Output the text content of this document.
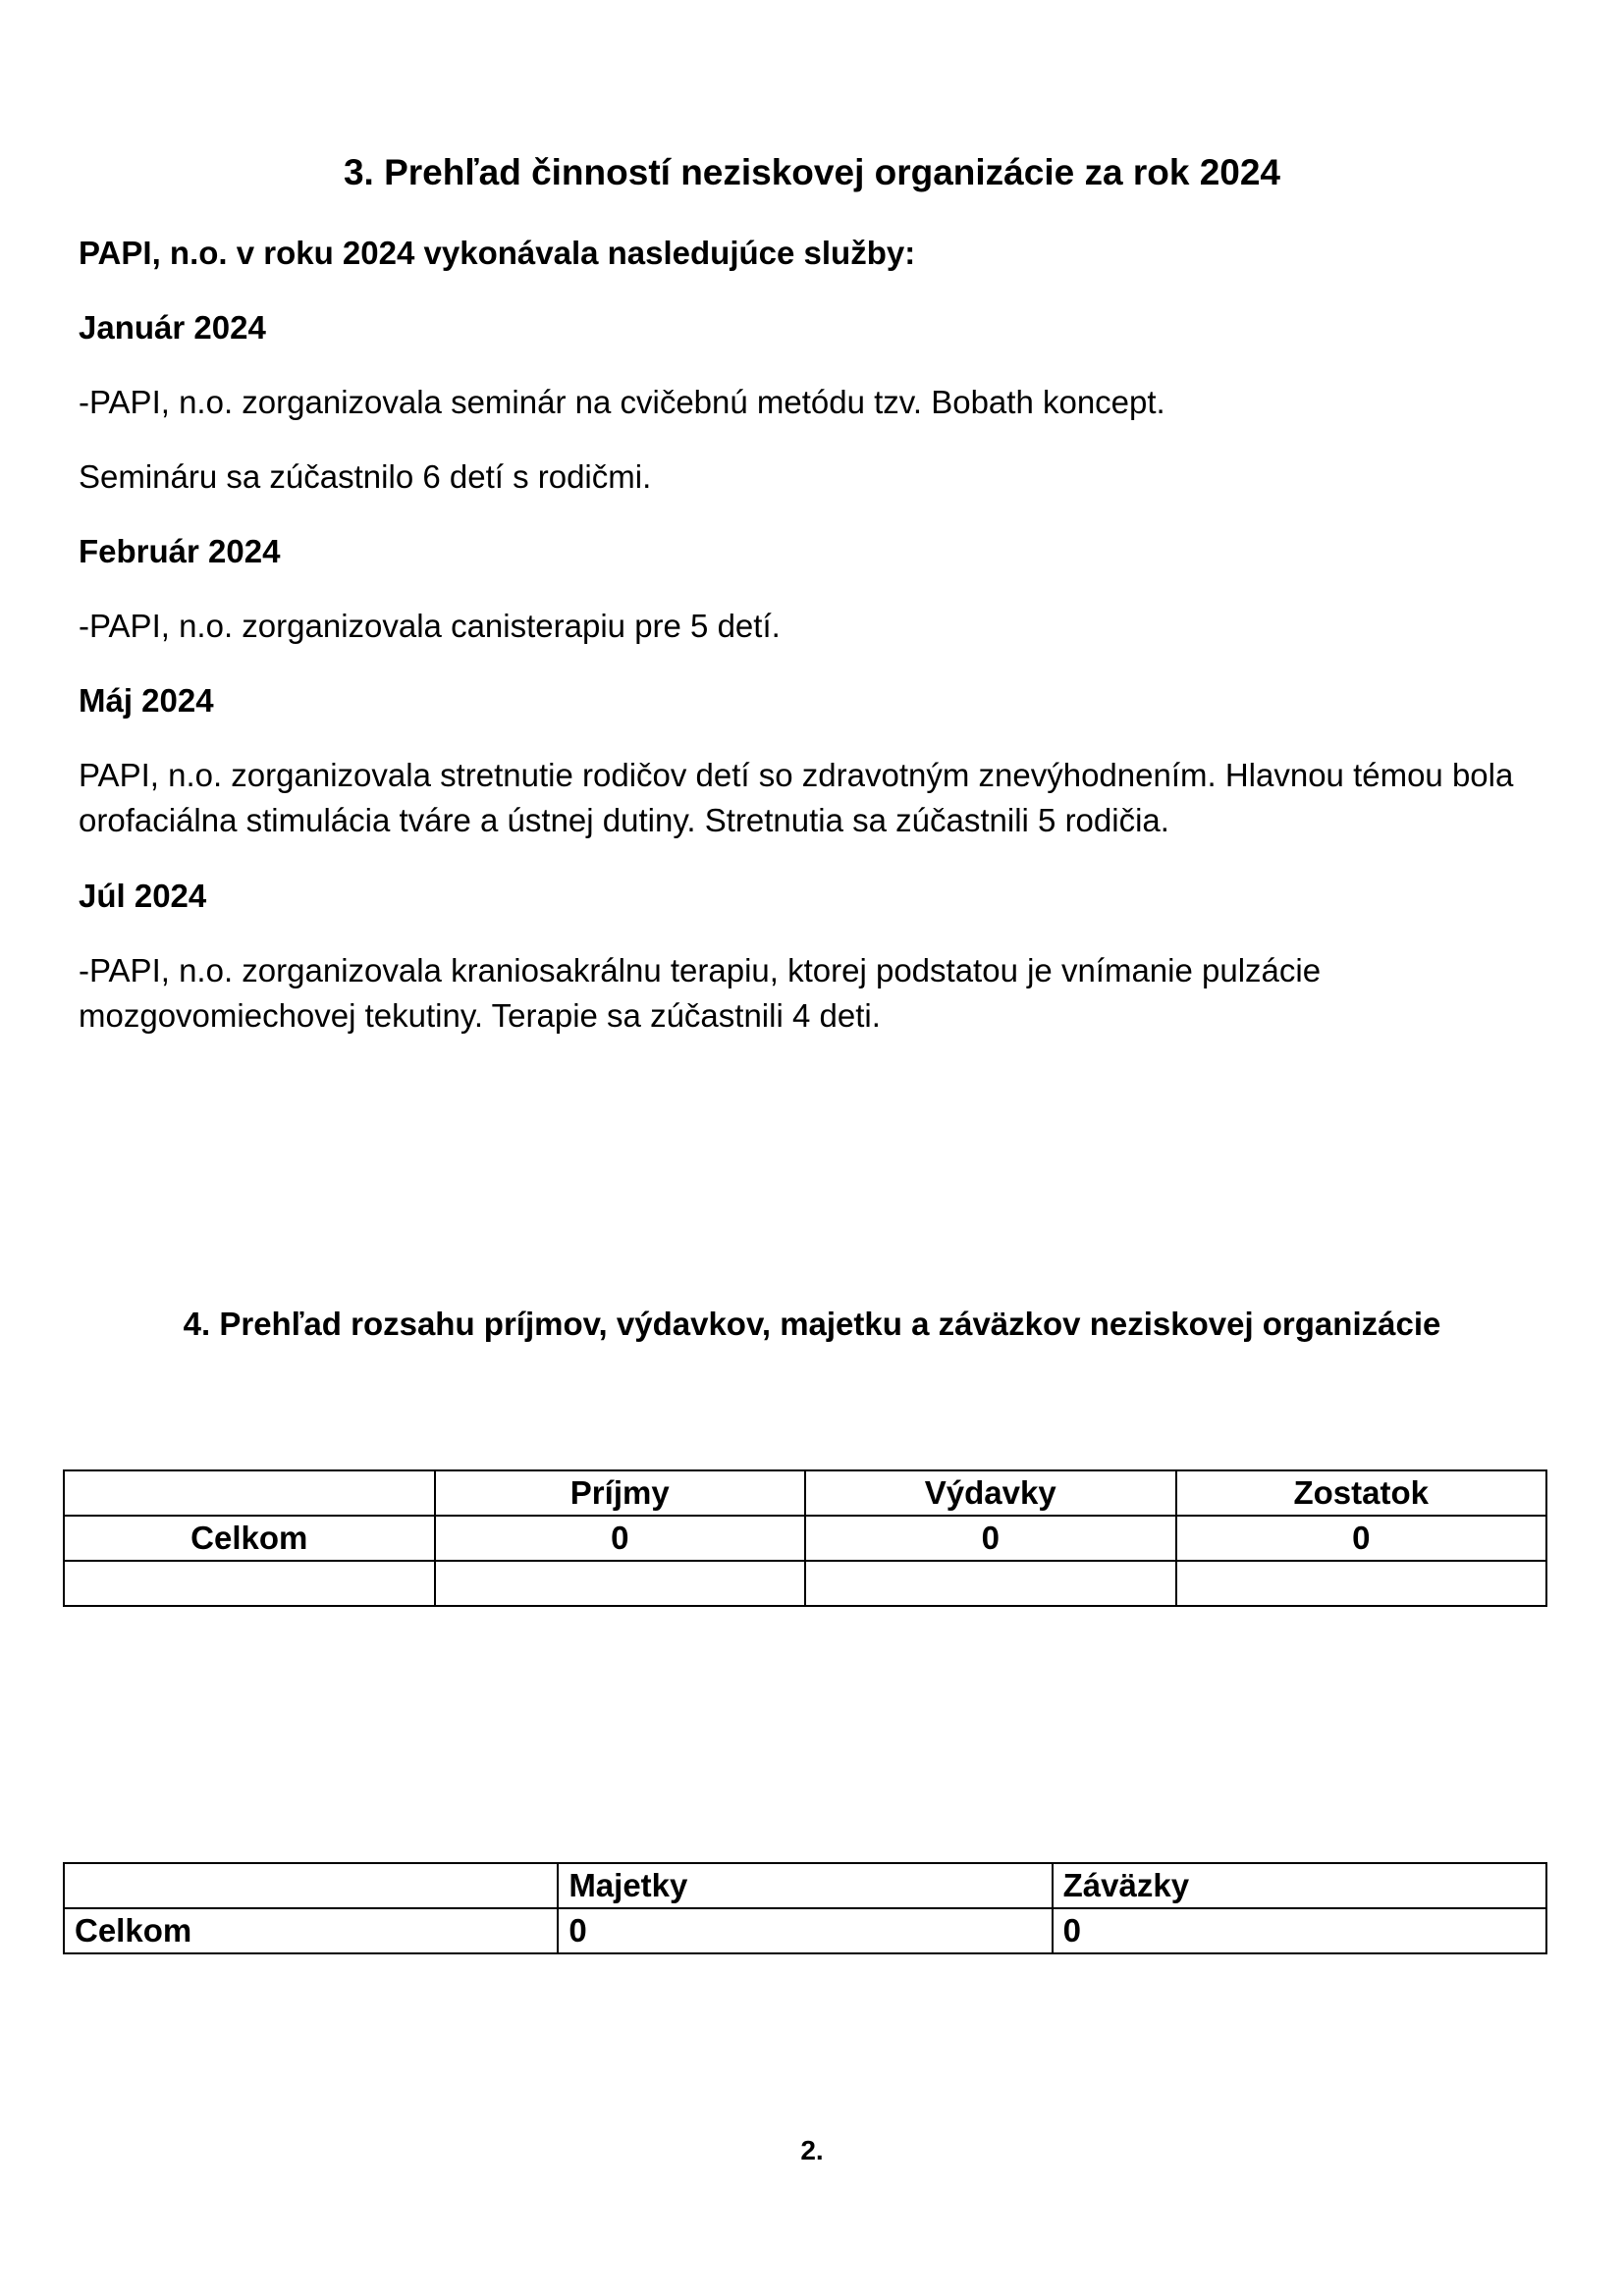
3. Prehľad činností neziskovej organizácie za rok 2024

PAPI, n.o. v roku 2024 vykonávala nasledujúce služby:

Január 2024

-PAPI, n.o. zorganizovala seminár na cvičebnú metódu tzv. Bobath koncept.

Semináru sa zúčastnilo 6 detí s rodičmi.

Február 2024

-PAPI, n.o. zorganizovala canisterapiu pre 5 detí.

Máj 2024

PAPI, n.o. zorganizovala stretnutie rodičov detí so zdravotným znevýhodnením. Hlavnou témou bola orofaciálna stimulácia tváre a ústnej dutiny. Stretnutia sa zúčastnili 5 rodičia.

Júl 2024

-PAPI, n.o. zorganizovala kraniosakrálnu terapiu, ktorej podstatou je vnímanie pulzácie mozgovomiechovej tekutiny. Terapie sa zúčastnili 4 deti.

4. Prehľad rozsahu príjmov, výdavkov, majetku a záväzkov neziskovej organizácie
	Príjmy	Výdavky	Zostatok
Celkom	0	0	0

	Majetky	Záväzky
Celkom	0	0
2.
